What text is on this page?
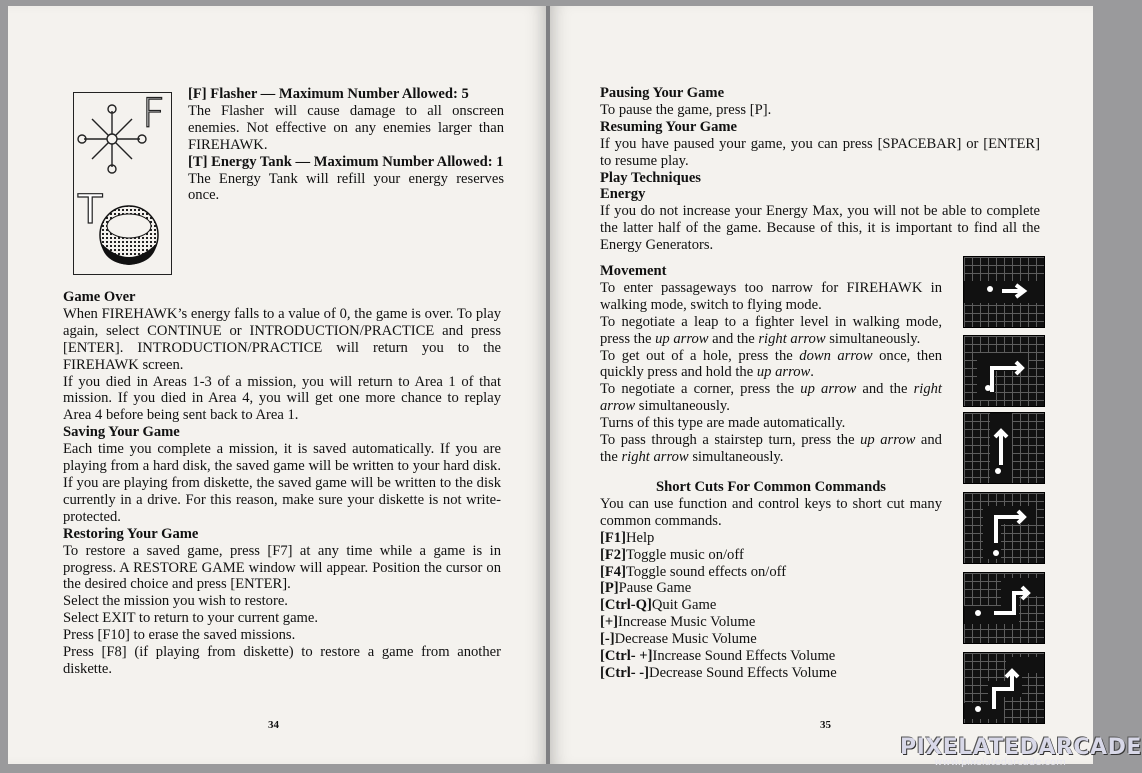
F
T

[F] Flasher — Maximum Number Allowed: 5

The Flasher will cause damage to all onscreen enemies. Not effective on any enemies larger than FIREHAWK.

[T] Energy Tank — Maximum Number Allowed: 1

The Energy Tank will refill your energy reserves once.

Game Over

When FIREHAWK’s energy falls to a value of 0, the game is over. To play again, select CONTINUE or INTRODUCTION/PRACTICE and press [ENTER]. INTRODUCTION/PRACTICE will return you to the FIREHAWK screen.

If you died in Areas 1-3 of a mission, you will return to Area 1 of that mission. If you died in Area 4, you will get one more chance to replay Area 4 before being sent back to Area 1.

Saving Your Game

Each time you complete a mission, it is saved automatically. If you are playing from a hard disk, the saved game will be written to your hard disk. If you are playing from diskette, the saved game will be written to the disk currently in a drive. For this reason, make sure your diskette is not write-protected.

Restoring Your Game

To restore a saved game, press [F7] at any time while a game is in progress. A RESTORE GAME window will appear. Position the cursor on the desired choice and press [ENTER].

Select the mission you wish to restore.

Select EXIT to return to your current game.

Press [F10] to erase the saved missions.

Press [F8] (if playing from diskette) to restore a game from another diskette.

34

Pausing Your Game

To pause the game, press [P].

Resuming Your Game

If you have paused your game, you can press [SPACEBAR] or [ENTER] to resume play.

Play Techniques

Energy

If you do not increase your Energy Max, you will not be able to complete the latter half of the game. Because of this, it is important to find all the Energy Generators.

Movement

To enter passageways too narrow for FIREHAWK in walking mode, switch to flying mode.

To negotiate a leap to a fighter level in walking mode, press the up arrow and the right arrow simultaneously.

To get out of a hole, press the down arrow once, then quickly press and hold the up arrow.

To negotiate a corner, press the up arrow and the right arrow simultaneously.

Turns of this type are made automatically.

To pass through a stairstep turn, press the up arrow and the right arrow simultaneously.

Short Cuts For Common Commands

You can use function and control keys to short cut many common commands.

[F1]Help

[F2]Toggle music on/off

[F4]Toggle sound effects on/off

[P]Pause Game

[Ctrl-Q]Quit Game

[+]Increase Music Volume

[-]Decrease Music Volume

[Ctrl- +]Increase Sound Effects Volume

[Ctrl- -]Decrease Sound Effects Volume

35
PIXELATEDARCADE
www.pixelatedarcade.com
